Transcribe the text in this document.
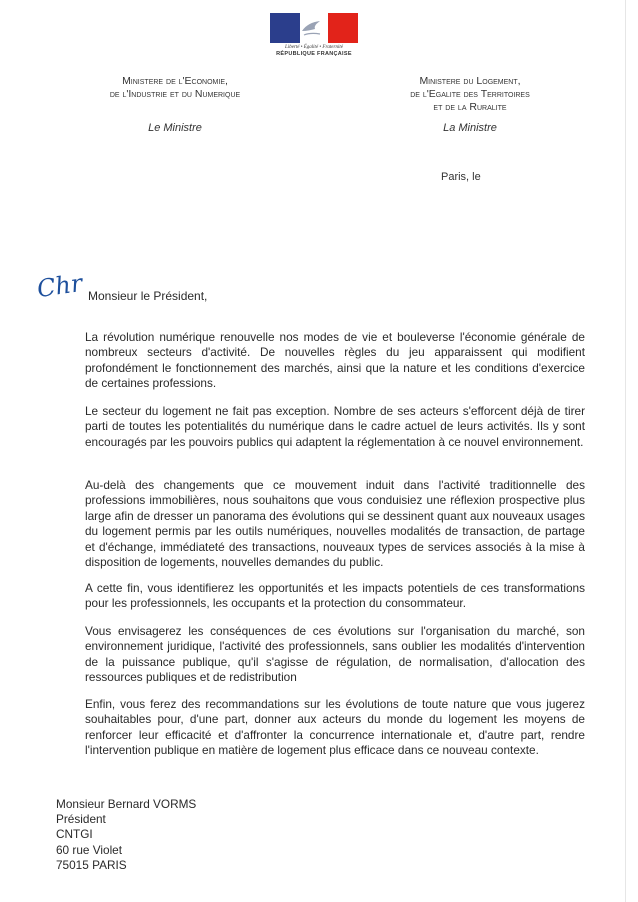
Liberté • Égalité • Fraternité
RÉPUBLIQUE FRANÇAISE
Ministere de l'Economie,
de l'Industrie et du Numerique
Ministere du Logement,
de l'Egalite des Territoires
et de la Ruralite
Le Ministre	La Ministre
Paris, le
Chr Monsieur le Président,
La révolution numérique renouvelle nos modes de vie et bouleverse l'économie générale de nombreux secteurs d'activité. De nouvelles règles du jeu apparaissent qui modifient profondément le fonctionnement des marchés, ainsi que la nature et les conditions d'exercice de certaines professions.
Le secteur du logement ne fait pas exception. Nombre de ses acteurs s'efforcent déjà de tirer parti de toutes les potentialités du numérique dans le cadre actuel de leurs activités. Ils y sont encouragés par les pouvoirs publics qui adaptent la réglementation à ce nouvel environnement.
Au-delà des changements que ce mouvement induit dans l'activité traditionnelle des professions immobilières, nous souhaitons que vous conduisiez une réflexion prospective plus large afin de dresser un panorama des évolutions qui se dessinent quant aux nouveaux usages du logement permis par les outils numériques, nouvelles modalités de transaction, de partage et d'échange, immédiateté des transactions, nouveaux types de services associés à la mise à disposition de logements, nouvelles demandes du public.
A cette fin, vous identifierez les opportunités et les impacts potentiels de ces transformations pour les professionnels, les occupants et la protection du consommateur.
Vous envisagerez les conséquences de ces évolutions sur l'organisation du marché, son environnement juridique, l'activité des professionnels, sans oublier les modalités d'intervention de la puissance publique, qu'il s'agisse de régulation, de normalisation, d'allocation des ressources publiques et de redistribution
Enfin, vous ferez des recommandations sur les évolutions de toute nature que vous jugerez souhaitables pour, d'une part, donner aux acteurs du monde du logement les moyens de renforcer leur efficacité et d'affronter la concurrence internationale et, d'autre part, rendre l'intervention publique en matière de logement plus efficace dans ce nouveau contexte.
Monsieur Bernard VORMS
Président
CNTGI
60 rue Violet
75015 PARIS
